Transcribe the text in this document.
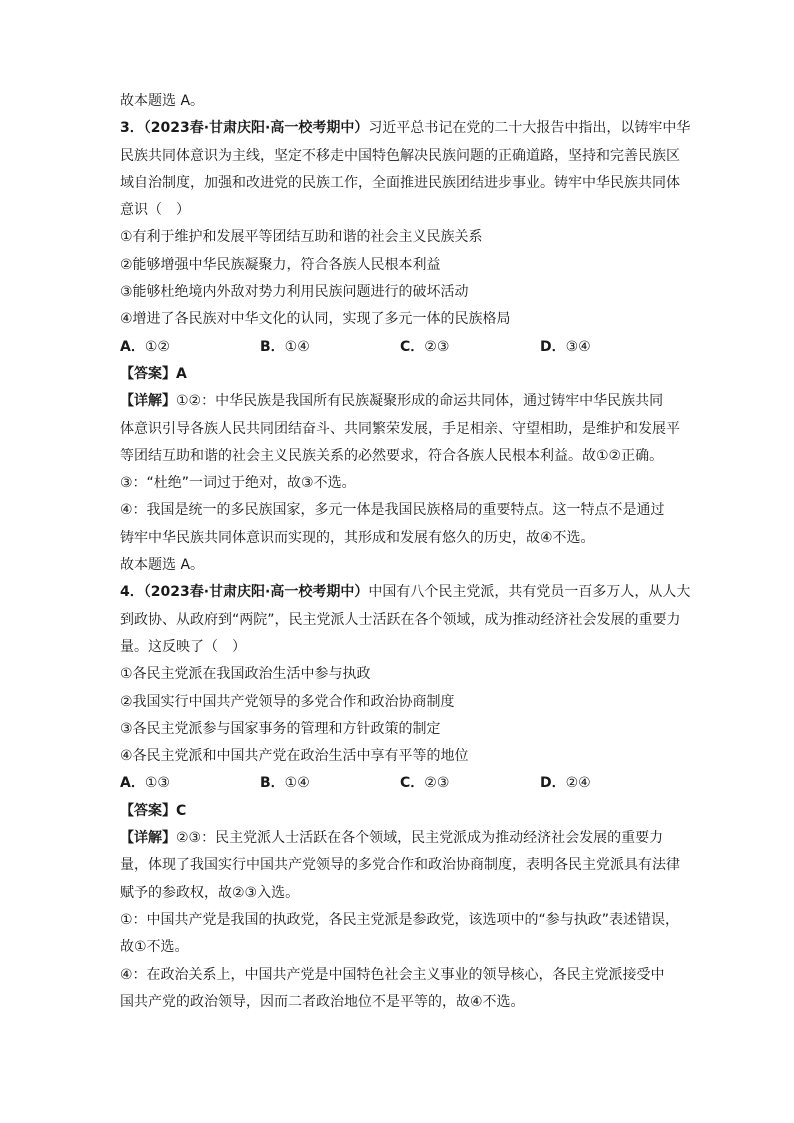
故本题选 A。
3．（2023春·甘肃庆阳·高一校考期中）习近平总书记在党的二十大报告中指出，以铸牢中华
民族共同体意识为主线，坚定不移走中国特色解决民族问题的正确道路，坚持和完善民族区
域自治制度，加强和改进党的民族工作，全面推进民族团结进步事业。铸牢中华民族共同体
意识（　）
①有利于维护和发展平等团结互助和谐的社会主义民族关系
②能够增强中华民族凝聚力，符合各族人民根本利益
③能够杜绝境内外敌对势力利用民族问题进行的破坏活动
④增进了各民族对中华文化的认同，实现了多元一体的民族格局
A．①②	B．①④	C．②③	D．③④
【答案】A
【详解】①②：中华民族是我国所有民族凝聚形成的命运共同体，通过铸牢中华民族共同
体意识引导各族人民共同团结奋斗、共同繁荣发展，手足相亲、守望相助，是维护和发展平
等团结互助和谐的社会主义民族关系的必然要求，符合各族人民根本利益。故①②正确。
③：“杜绝”一词过于绝对，故③不选。
④：我国是统一的多民族国家，多元一体是我国民族格局的重要特点。这一特点不是通过
铸牢中华民族共同体意识而实现的，其形成和发展有悠久的历史，故④不选。
故本题选 A。
4．（2023春·甘肃庆阳·高一校考期中）中国有八个民主党派，共有党员一百多万人，从人大
到政协、从政府到“两院”，民主党派人士活跃在各个领域，成为推动经济社会发展的重要力
量。这反映了（　）
①各民主党派在我国政治生活中参与执政
②我国实行中国共产党领导的多党合作和政治协商制度
③各民主党派参与国家事务的管理和方针政策的制定
④各民主党派和中国共产党在政治生活中享有平等的地位
A．①③	B．①④	C．②③	D．②④
【答案】C
【详解】②③：民主党派人士活跃在各个领域，民主党派成为推动经济社会发展的重要力
量，体现了我国实行中国共产党领导的多党合作和政治协商制度，表明各民主党派具有法律
赋予的参政权，故②③入选。
①：中国共产党是我国的执政党，各民主党派是参政党，该选项中的“参与执政”表述错误，
故①不选。
④：在政治关系上，中国共产党是中国特色社会主义事业的领导核心，各民主党派接受中
国共产党的政治领导，因而二者政治地位不是平等的，故④不选。
